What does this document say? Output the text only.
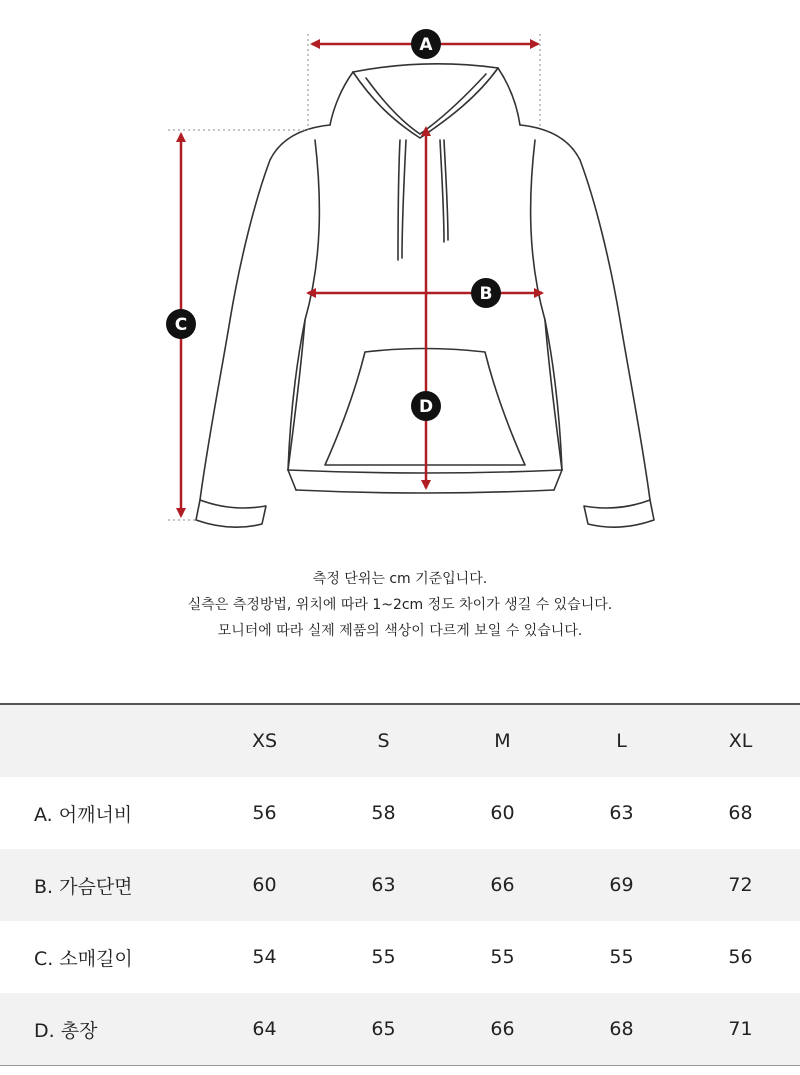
A
B
C
D
측정 단위는 cm 기준입니다.
실측은 측정방법, 위치에 따라 1~2cm 정도 차이가 생길 수 있습니다.
모니터에 따라 실제 제품의 색상이 다르게 보일 수 있습니다.
	XS	S	M	L	XL
A. 어깨너비	56	58	60	63	68
B. 가슴단면	60	63	66	69	72
C. 소매길이	54	55	55	55	56
D. 총장	64	65	66	68	71
